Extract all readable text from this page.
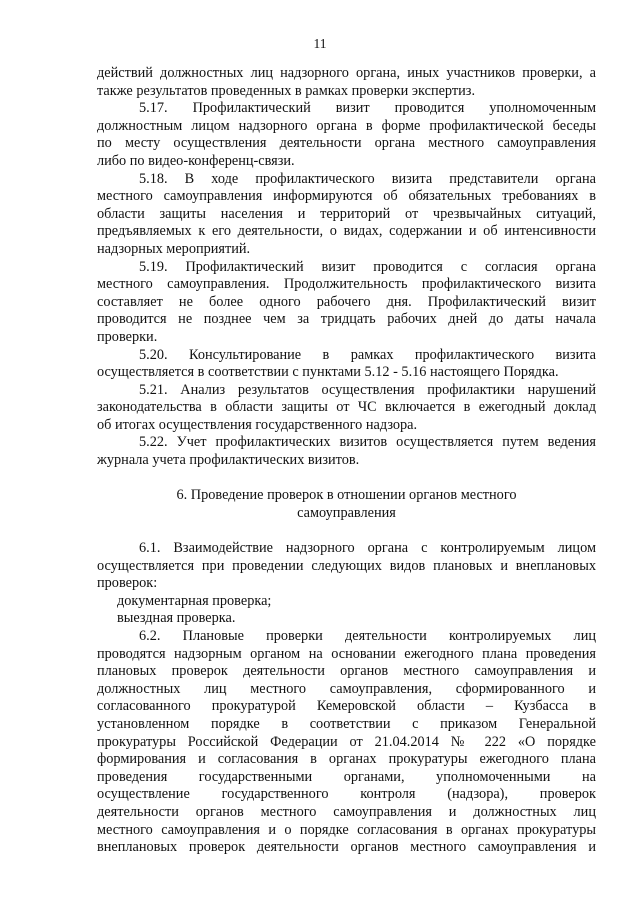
11
действий должностных лиц надзорного органа, иных участников проверки, а
также результатов проведенных в рамках проверки экспертиз.
5.17. Профилактический визит проводится уполномоченным
должностным лицом надзорного органа в форме профилактической беседы
по месту осуществления деятельности органа местного самоуправления
либо по видео-конференц-связи.
5.18. В ходе профилактического визита представители органа
местного самоуправления информируются об обязательных требованиях в
области защиты населения и территорий от чрезвычайных ситуаций,
предъявляемых к его деятельности, о видах, содержании и об интенсивности
надзорных мероприятий.
5.19. Профилактический визит проводится с согласия органа
местного самоуправления. Продолжительность профилактического визита
составляет не более одного рабочего дня. Профилактический визит
проводится не позднее чем за тридцать рабочих дней до даты начала
проверки.
5.20. Консультирование в рамках профилактического визита
осуществляется в соответствии с пунктами 5.12 - 5.16 настоящего Порядка.
5.21. Анализ результатов осуществления профилактики нарушений
законодательства в области защиты от ЧС включается в ежегодный доклад
об итогах осуществления государственного надзора.
5.22. Учет профилактических визитов осуществляется путем ведения
журнала учета профилактических визитов.
6. Проведение проверок в отношении органов местного
самоуправления
6.1. Взаимодействие надзорного органа с контролируемым лицом
осуществляется при проведении следующих видов плановых и внеплановых
проверок:
документарная проверка;
выездная проверка.
6.2. Плановые проверки деятельности контролируемых лиц
проводятся надзорным органом на основании ежегодного плана проведения
плановых проверок деятельности органов местного самоуправления и
должностных лиц местного самоуправления, сформированного и
согласованного прокуратурой Кемеровской области – Кузбасса в
установленном порядке в соответствии с приказом Генеральной
прокуратуры Российской Федерации от 21.04.2014 № 222 «О порядке
формирования и согласования в органах прокуратуры ежегодного плана
проведения государственными органами, уполномоченными на
осуществление государственного контроля (надзора), проверок
деятельности органов местного самоуправления и должностных лиц
местного самоуправления и о порядке согласования в органах прокуратуры
внеплановых проверок деятельности органов местного самоуправления и
